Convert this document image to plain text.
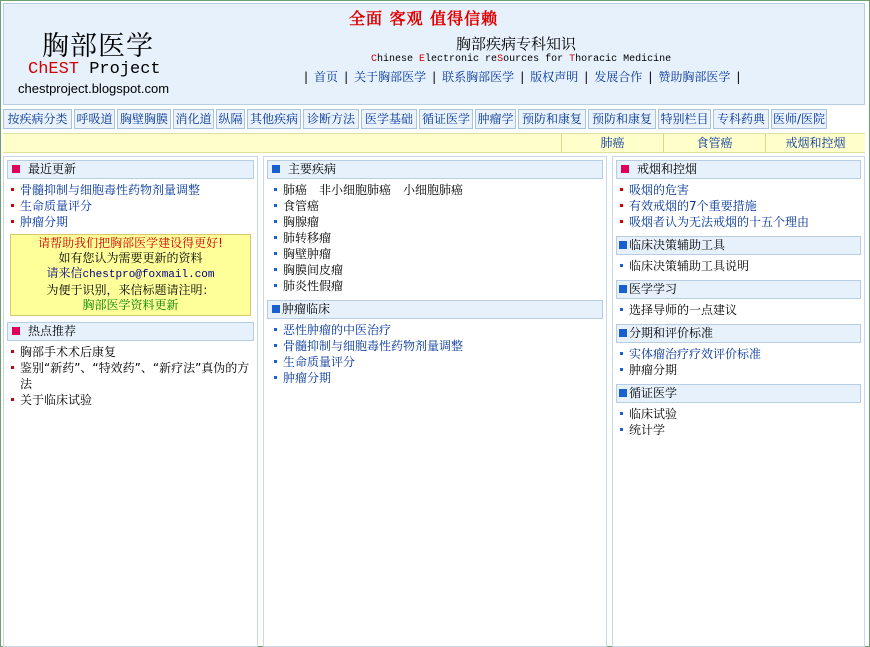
胸部医学
ChEST Project
chestproject.blogspot.com
全面 客观 值得信赖
胸部疾病专科知识
Chinese Electronic reSources for Thoracic Medicine
| 首页 | 关于胸部医学 | 联系胸部医学 | 版权声明 | 发展合作 | 赞助胸部医学 |
按疾病分类 呼吸道 胸壁胸膜 消化道 纵隔 其他疾病 诊断方法 医学基础 循证医学 肿瘤学 预防和康复 预防和康复 特别栏目 专科药典 医师/医院
肺癌	食管癌	戒烟和控烟
最近更新
骨髓抑制与细胞毒性药物剂量调整
生命质量评分
肿瘤分期
请帮助我们把胸部医学建设得更好!
如有您认为需要更新的资料
请来信chestpro@foxmail.com
为便于识别，来信标题请注明：
胸部医学资料更新
热点推荐
胸部手术术后康复
鉴别“新药”、“特效药”、“新疗法”真伪的方法
关于临床试验
主要疾病
肺癌　非小细胞肺癌　小细胞肺癌
食管癌
胸腺瘤
肺转移瘤
胸壁肿瘤
胸膜间皮瘤
肺炎性假瘤
肿瘤临床
恶性肿瘤的中医治疗
骨髓抑制与细胞毒性药物剂量调整
生命质量评分
肿瘤分期
戒烟和控烟
吸烟的危害
有效戒烟的7个重要措施
吸烟者认为无法戒烟的十五个理由
临床决策辅助工具
临床决策辅助工具说明
医学学习
选择导师的一点建议
分期和评价标准
实体瘤治疗疗效评价标准
肿瘤分期
循证医学
临床试验
统计学
